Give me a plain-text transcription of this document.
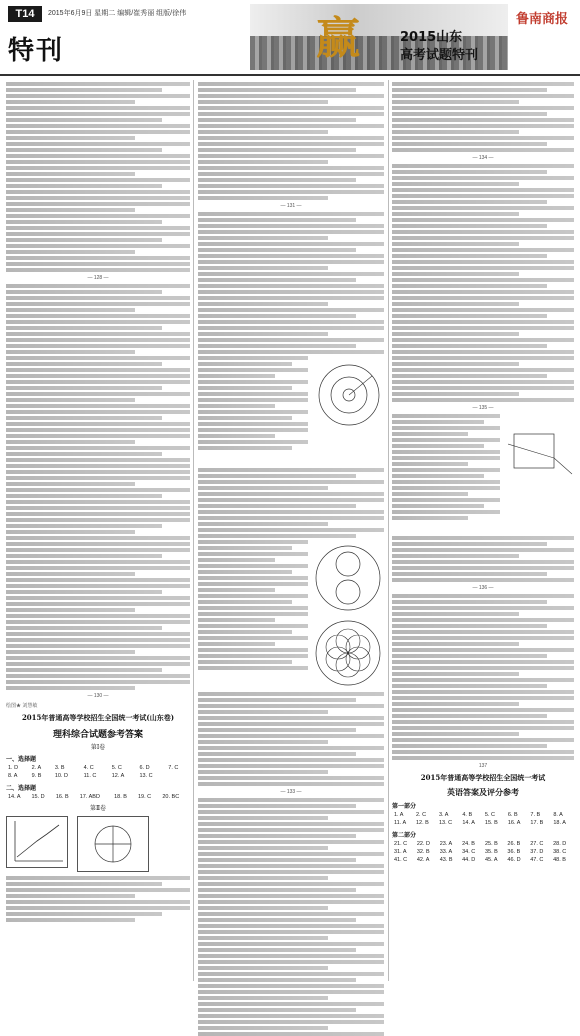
T14	2015年6月9日 星期二 编辑/崔秀丽 组版/徐伟
特刊	赢	2015山东
高考试题特刊
鲁南商报
— 128 —
— 130 —
绘图★ 刘慧敏
2015年普通高等学校招生全国统一考试(山东卷)
理科综合试题参考答案
第Ⅰ卷
一、选择题
1. D	2. A	3. B	4. C	5. C	6. D	7. C
8. A	9. B	10. D	11. C	12. A	13. C	
二、选择题
14. A	15. D	16. B	17. ABD	18. B	19. C	20. BC
第Ⅱ卷

— 131 —
— 133 —
— 134 —
— 135 —
— 136 —
137
2015年普通高等学校招生全国统一考试
英语答案及评分参考
第一部分
1. A	2. C	3. A	4. B	5. C	6. B	7. B	8. A
11. A	12. B	13. C	14. A	15. B	16. A	17. B	18. A
第二部分
21. C	22. D	23. A	24. B	25. B	26. B	27. C	28. D
31. A	32. B	33. A	34. C	35. B	36. B	37. D	38. C
41. C	42. A	43. B	44. D	45. A	46. D	47. C	48. B
